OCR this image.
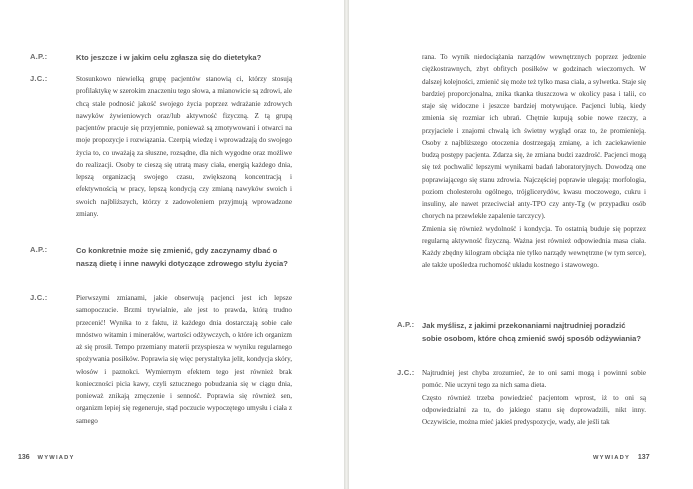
A.P.:	Kto jeszcze i w jakim celu zgłasza się do dietetyka?
J.C.:	Stosunkowo niewielką grupę pacjentów stanowią ci, którzy stosują profilaktykę w szerokim znaczeniu tego słowa, a mianowicie są zdrowi, ale chcą stale podnosić jakość swojego życia poprzez wdrażanie zdrowych nawyków żywieniowych oraz/lub aktywność fizyczną. Z tą grupą pacjentów pracuje się przyjemnie, ponieważ są zmotywowani i otwarci na moje propozycje i rozwiązania. Czerpią wiedzę i wprowadzają do swojego życia to, co uważają za słuszne, rozsądne, dla nich wygodne oraz możliwe do realizacji. Osoby te cieszą się utratą masy ciała, energią każdego dnia, lepszą organizacją swojego czasu, zwiększoną koncentracją i efektywnością w pracy, lepszą kondycją czy zmianą nawyków swoich i swoich najbliższych, którzy z zadowoleniem przyjmują wprowadzone zmiany.
A.P.:	Co konkretnie może się zmienić, gdy zaczynamy dbać o naszą dietę i inne nawyki dotyczące zdrowego stylu życia?
J.C.:	Pierwszymi zmianami, jakie obserwują pacjenci jest ich lepsze samopoczucie. Brzmi trywialnie, ale jest to prawda, którą trudno przecenić! Wynika to z faktu, iż każdego dnia dostarczają sobie całe mnóstwo witamin i minerałów, wartości odżywczych, o które ich organizm aż się prosił. Tempo przemiany materii przyspiesza w wyniku regularnego spożywania posiłków. Poprawia się więc perystaltyka jelit, kondycja skóry, włosów i paznokci. Wymiernym efektem tego jest również brak konieczności picia kawy, czyli sztucznego pobudzania się w ciągu dnia, ponieważ znikają zmęczenie i senność. Poprawia się również sen, organizm lepiej się regeneruje, stąd poczucie wypoczętego umysłu i ciała z samego
136 WYWIADY
rana. To wynik niedociążania narządów wewnętrznych poprzez jedzenie ciężkostrawnych, zbyt obfitych posiłków w godzinach wieczornych. W dalszej kolejności, zmienić się może też tylko masa ciała, a sylwetka. Staje się bardziej proporcjonalna, znika tkanka tłuszczowa w okolicy pasa i talii, co staje się widoczne i jeszcze bardziej motywujące. Pacjenci lubią, kiedy zmienia się rozmiar ich ubrań. Chętnie kupują sobie nowe rzeczy, a przyjaciele i znajomi chwalą ich świetny wygląd oraz to, że promienieją. Osoby z najbliższego otoczenia dostrzegają zmianę, a ich zaciekawienie budzą postępy pacjenta. Zdarza się, że zmiana budzi zazdrość. Pacjenci mogą się też pochwalić lepszymi wynikami badań laboratoryjnych. Dowodzą one poprawiającego się stanu zdrowia. Najczęściej poprawie ulegają: morfologia, poziom cholesterolu ogólnego, trójglicerydów, kwasu moczowego, cukru i insuliny, ale nawet przeciwciał anty-TPO czy anty-Tg (w przypadku osób chorych na przewlekłe zapalenie tarczycy).
Zmienia się również wydolność i kondycja. To ostatnią buduje się poprzez regularną aktywność fizyczną. Ważna jest również odpowiednia masa ciała. Każdy zbędny kilogram obciąża nie tylko narządy wewnętrzne (w tym serce), ale także upośledza ruchomość układu kostnego i stawowego.
A.P.: Jak myślisz, z jakimi przekonaniami najtrudniej poradzić sobie osobom, które chcą zmienić swój sposób odżywiania?
J.C.: Najtrudniej jest chyba zrozumieć, że to oni sami mogą i powinni sobie pomóc. Nie uczyni tego za nich sama dieta.
Często również trzeba powiedzieć pacjentom wprost, iż to oni są odpowiedzialni za to, do jakiego stanu się doprowadzili, nikt inny. Oczywiście, można mieć jakieś predyspozycje, wady, ale jeśli tak
WYWIADY 137
